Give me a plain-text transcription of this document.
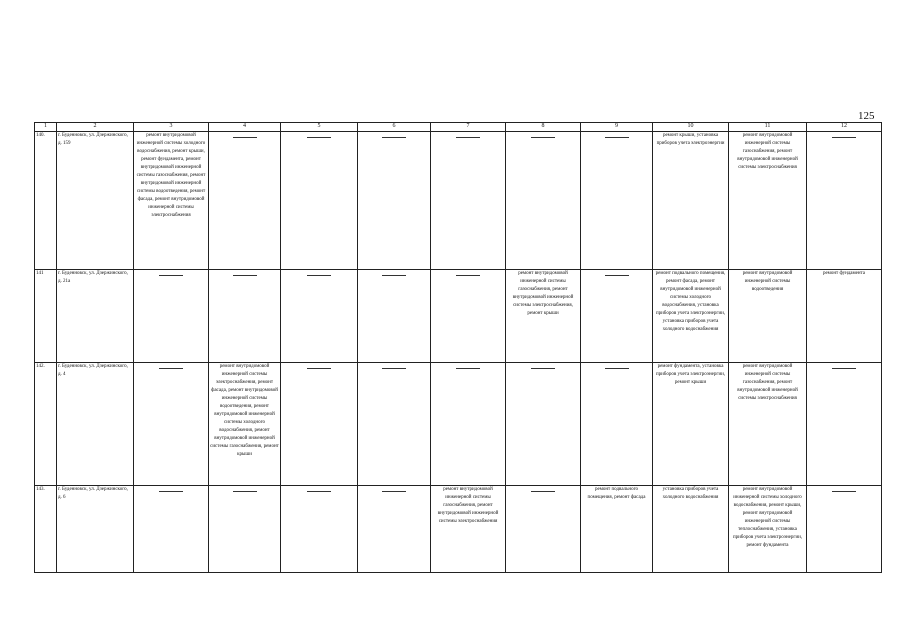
125
1	2	3	4	5	6	7	8	9	10	11	12
140.	г. Буденновск, ул. Дзержинского, д. 159	ремонт внутридомовой инженерной системы холодного водоснабжения, ремонт крыши, ремонт фундамента, ремонт внутридомовой инженерной системы газоснабжения, ремонт внутридомовой инженерной системы водоотведения, ремонт фасада, ремонт внутридомовой инженерной системы электроснабжения							ремонт крыши, установка приборов учета электроэнергии	ремонт внутридомовой инженерной системы газоснабжения, ремонт внутридомовой инженерной системы электроснабжения	

141	г. Буденновск, ул. Дзержинского, д. 21а						ремонт внутридомовой инженерной системы газоснабжения, ремонт внутридомовой инженерной системы электроснабжения, ремонт крыши		ремонт подвального помещения, ремонт фасада, ремонт внутридомовой инженерной системы холодного водоснабжения, установка приборов учета электроэнергии, установка приборов учета холодного водоснабжения	ремонт внутридомовой инженерной системы водоотведения	ремонт фундамента
142.	г. Буденновск, ул. Дзержинского, д. 4		ремонт внутридомовой инженерной системы электроснабжения, ремонт фасада, ремонт внутридомовой инженерной системы водоотведения, ремонт внутридомовой инженерной системы холодного водоснабжения, ремонт внутридомовой инженерной системы газоснабжения, ремонт крыши						ремонт фундамента, установка приборов учета электроэнергии, ремонт крыши	ремонт внутридомовой инженерной системы газоснабжения, ремонт внутридомовой инженерной системы электроснабжения	

143.	г. Буденновск, ул. Дзержинского, д. 6					ремонт внутридомовой инженерной системы газоснабжения, ремонт внутридомовой инженерной системы электроснабжения		ремонт подвального помещения, ремонт фасада	установка приборов учета холодного водоснабжения	ремонт внутридомовой инженерной системы холодного водоснабжения, ремонт крыши, ремонт внутридомовой инженерной системы теплоснабжения, установка приборов учета электроэнергии, ремонт фундамента	
